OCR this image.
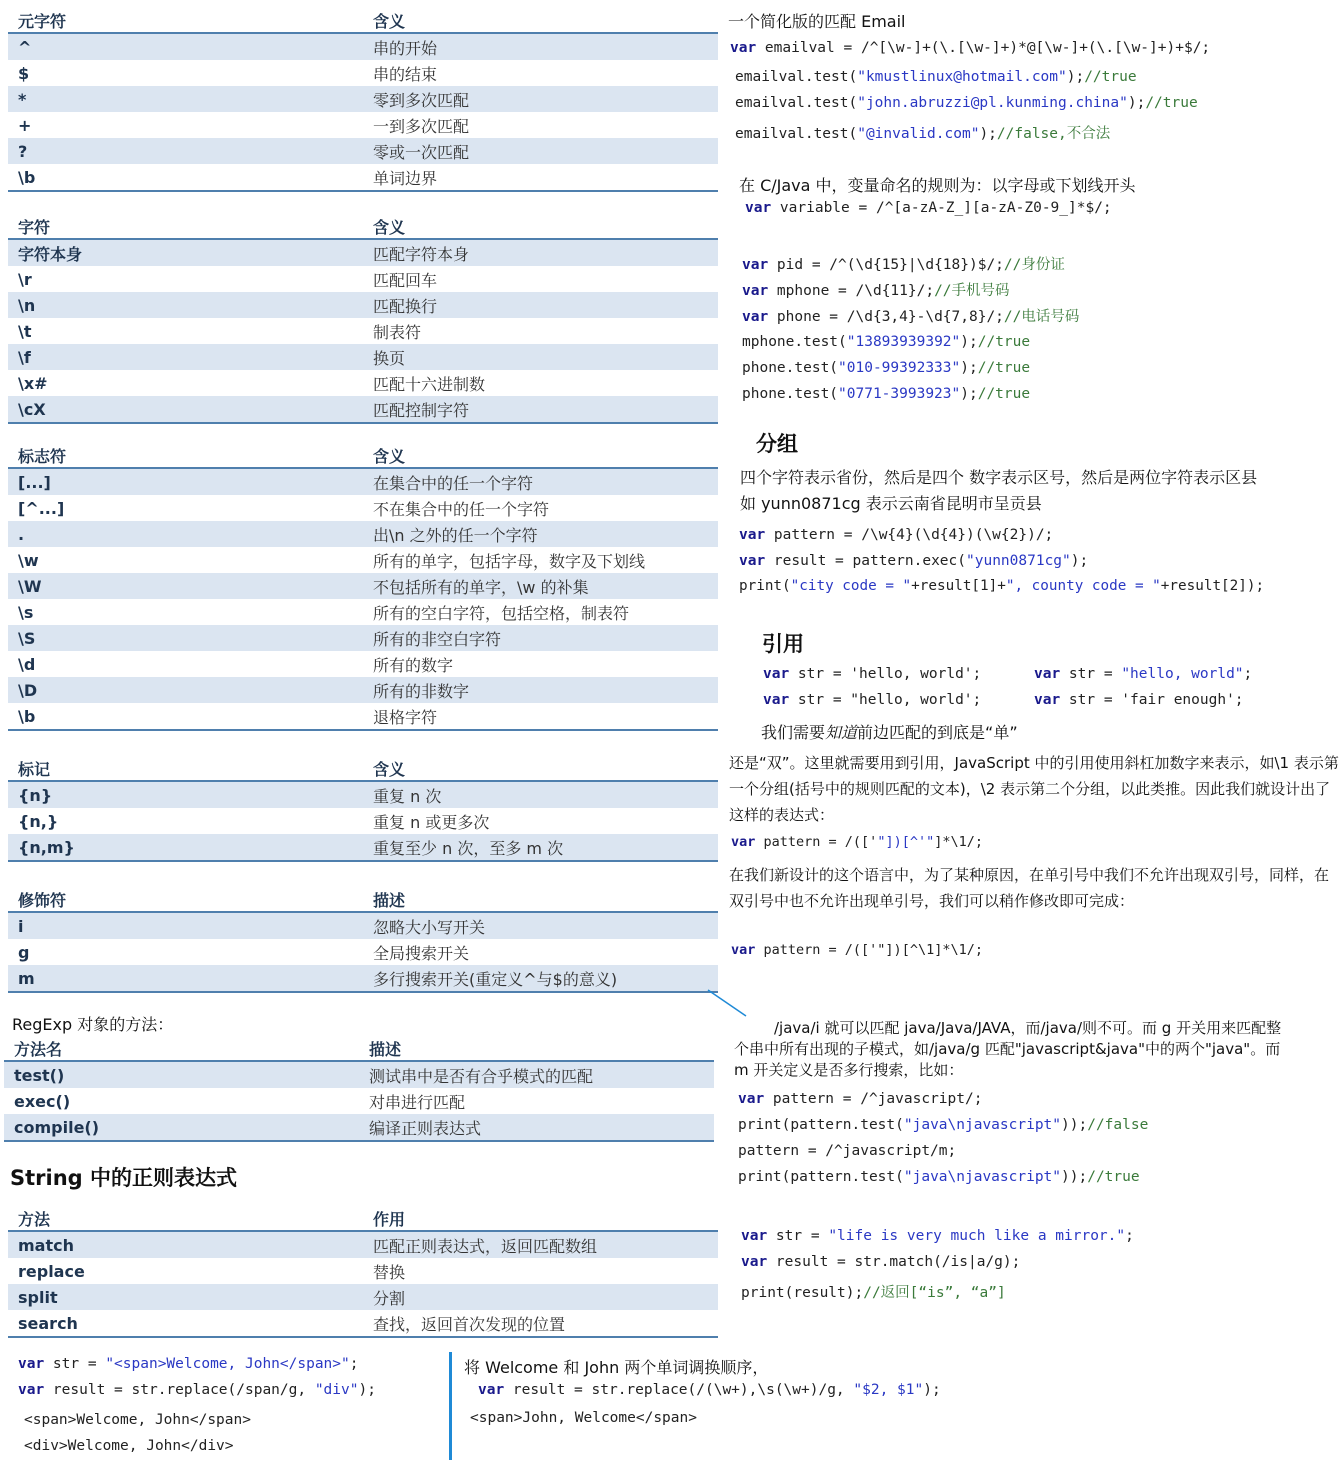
元字符	含义
^	串的开始
$	串的结束
*	零到多次匹配
+	一到多次匹配
?	零或一次匹配
\b	单词边界
字符	含义
字符本身	匹配字符本身
\r	匹配回车
\n	匹配换行
\t	制表符
\f	换页
\x#	匹配十六进制数
\cX	匹配控制字符
标志符	含义
[...]	在集合中的任一个字符
[^...]	不在集合中的任一个字符
.	出\n 之外的任一个字符
\w	所有的单字，包括字母，数字及下划线
\W	不包括所有的单字，\w 的补集
\s	所有的空白字符，包括空格，制表符
\S	所有的非空白字符
\d	所有的数字
\D	所有的非数字
\b	退格字符
标记	含义
{n}	重复 n 次
{n,}	重复 n 或更多次
{n,m}	重复至少 n 次，至多 m 次
修饰符	描述
i	忽略大小写开关
g	全局搜索开关
m	多行搜索开关(重定义^与$的意义)
RegExp 对象的方法：
方法名	描述
test()	测试串中是否有合乎模式的匹配
exec()	对串进行匹配
compile()	编译正则表达式
String 中的正则表达式
方法	作用
match	匹配正则表达式，返回匹配数组
replace	替换
split	分割
search	查找，返回首次发现的位置
var str = "<span>Welcome, John</span>";
var result = str.replace(/span/g, "div");
<span>Welcome, John</span>
<div>Welcome, John</div>
将 Welcome 和 John 两个单词调换顺序，
var result = str.replace(/(\w+),\s(\w+)/g, "$2, $1");
<span>John, Welcome</span>
一个简化版的匹配 Email
var emailval = /^[\w-]+(\.[\w-]+)*@[\w-]+(\.[\w-]+)+$/;
emailval.test("kmustlinux@hotmail.com");//true
emailval.test("john.abruzzi@pl.kunming.china");//true
emailval.test("@invalid.com");//false,不合法
在 C/Java 中，变量命名的规则为：以字母或下划线开头
var variable = /^[a-zA-Z_][a-zA-Z0-9_]*$/;
var pid = /^(\d{15}|\d{18})$/;//身份证
var mphone = /\d{11}/;//手机号码
var phone = /\d{3,4}-\d{7,8}/;//电话号码
mphone.test("13893939392");//true
phone.test("010-99392333");//true
phone.test("0771-3993923");//true
分组
四个字符表示省份，然后是四个 数字表示区号，然后是两位字符表示区县
如 yunn0871cg 表示云南省昆明市呈贡县
var pattern = /\w{4}(\d{4})(\w{2})/;
var result = pattern.exec("yunn0871cg");
print("city code = "+result[1]+", county code = "+result[2]);
引用
var str = 'hello, world';	var str = "hello, world";
var str = "hello, world';	var str = 'fair enough';
我们需要知道前边匹配的到底是“单”
还是“双”。这里就需要用到引用，JavaScript 中的引用使用斜杠加数字来表示，如\1 表示第一个分组(括号中的规则匹配的文本)，\2 表示第二个分组，以此类推。因此我们就设计出了这样的表达式：
var pattern = /(['"])[^'"]*\1/;
在我们新设计的这个语言中，为了某种原因，在单引号中我们不允许出现双引号，同样，在双引号中也不允许出现单引号，我们可以稍作修改即可完成：
var pattern = /(['"])[^\1]*\1/;
/java/i 就可以匹配 java/Java/JAVA，而/java/则不可。而 g 开关用来匹配整个串中所有出现的子模式，如/java/g 匹配"javascript&java"中的两个"java"。而 m 开关定义是否多行搜索，比如：
var pattern = /^javascript/;
print(pattern.test("java\njavascript"));//false
pattern = /^javascript/m;
print(pattern.test("java\njavascript"));//true
var str = "life is very much like a mirror.";
var result = str.match(/is|a/g);
print(result);//返回[“is”, “a”]
